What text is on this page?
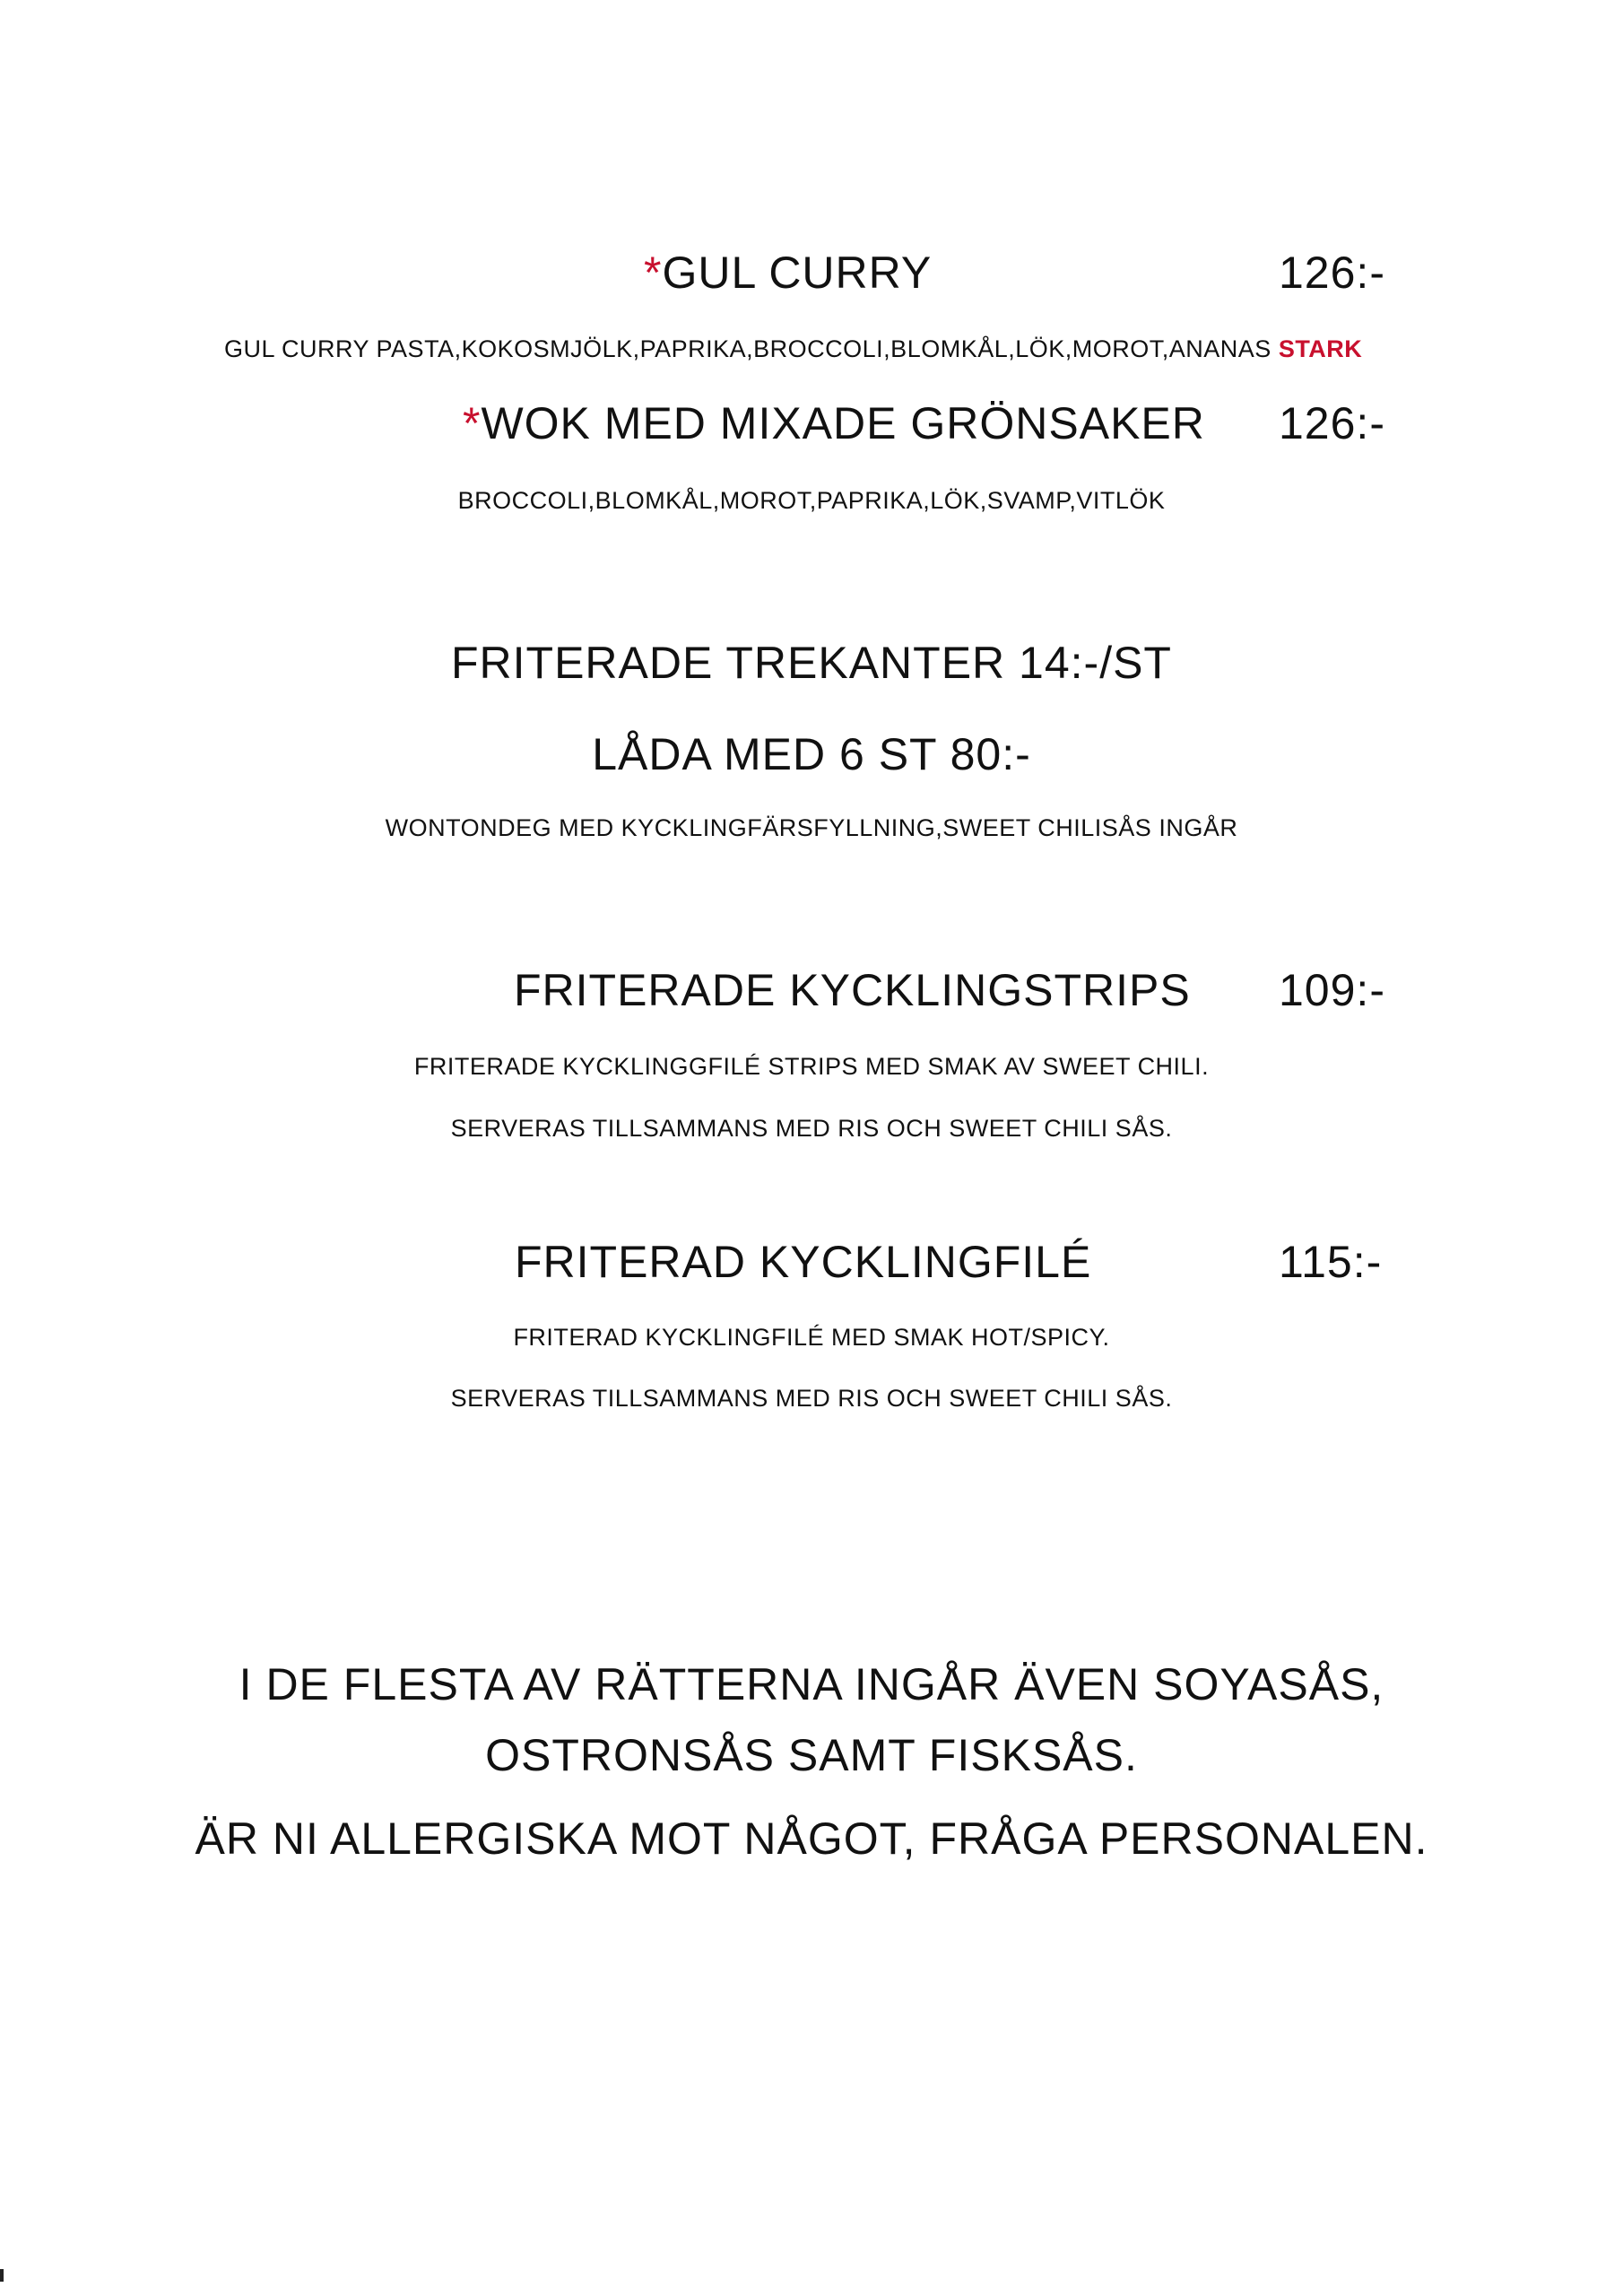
*GUL CURRY	126:-
GUL CURRY PASTA,KOKOSMJÖLK,PAPRIKA,BROCCOLI,BLOMKÅL,LÖK,MOROT,ANANAS STARK
*WOK MED MIXADE GRÖNSAKER 126:-
BROCCOLI,BLOMKÅL,MOROT,PAPRIKA,LÖK,SVAMP,VITLÖK
FRITERADE TREKANTER 14:-/ST
LÅDA MED 6 ST 80:-
WONTONDEG MED KYCKLINGFÄRSFYLLNING,SWEET CHILISÅS INGÅR
FRITERADE KYCKLINGSTRIPS 109:-
FRITERADE KYCKLINGGFILÉ STRIPS MED SMAK AV SWEET CHILI.
SERVERAS TILLSAMMANS MED RIS OCH SWEET CHILI SÅS.
FRITERAD KYCKLINGFILÉ	115:-
FRITERAD KYCKLINGFILÉ MED SMAK HOT/SPICY.
SERVERAS TILLSAMMANS MED RIS OCH SWEET CHILI SÅS.
I DE FLESTA AV RÄTTERNA INGÅR ÄVEN SOYASÅS,
OSTRONSÅS SAMT FISKSÅS.
ÄR NI ALLERGISKA MOT NÅGOT, FRÅGA PERSONALEN.
